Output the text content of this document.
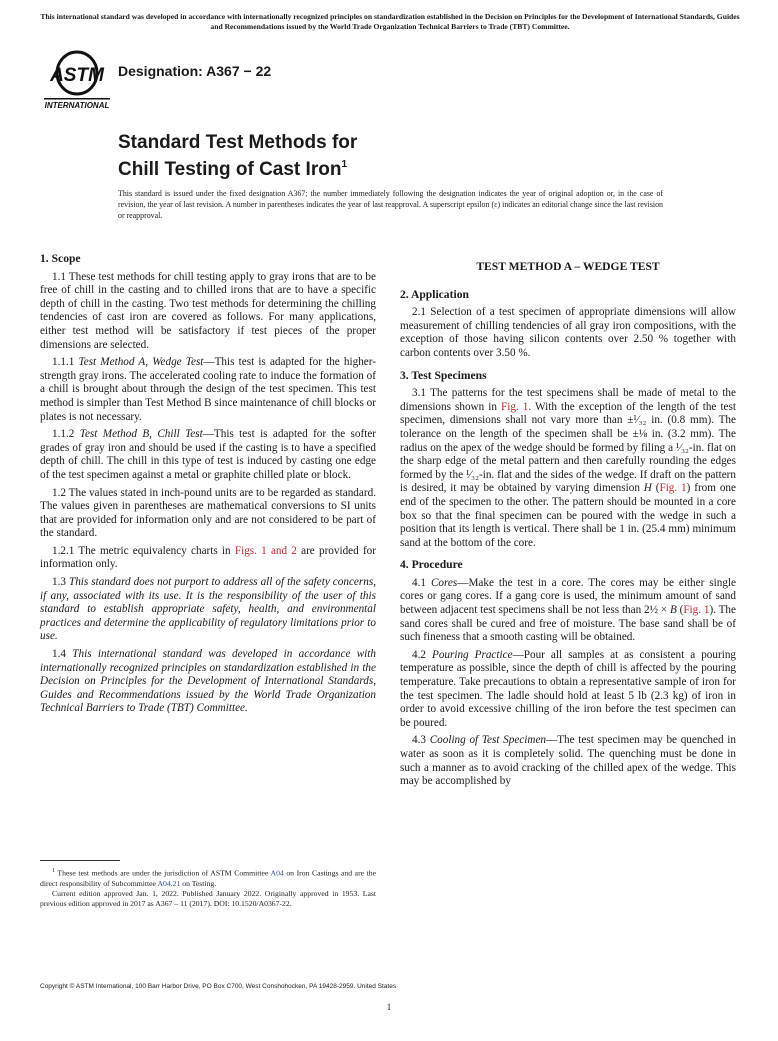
This international standard was developed in accordance with internationally recognized principles on standardization established in the Decision on Principles for the Development of International Standards, Guides and Recommendations issued by the World Trade Organization Technical Barriers to Trade (TBT) Committee.
ASTM
INTERNATIONAL
Designation: A367 − 22
Standard Test Methods for
Chill Testing of Cast Iron$^1$
This standard is issued under the fixed designation A367; the number immediately following the designation indicates the year of original adoption or, in the case of revision, the year of last revision. A number in parentheses indicates the year of last reapproval. A superscript epsilon (ε) indicates an editorial change since the last revision or reapproval.
1. Scope
1.1 These test methods for chill testing apply to gray irons that are to be free of chill in the casting and to chilled irons that are to have a specific depth of chill in the casting. Two test methods for determining the chilling tendencies of cast iron are covered as follows. For many applications, either test method will be satisfactory if test pieces of the proper dimensions are selected.
1.1.1 Test Method A, Wedge Test—This test is adapted for the higher-strength gray irons. The accelerated cooling rate to induce the formation of a chill is brought about through the design of the test specimen. This test method is simpler than Test Method B since maintenance of chill blocks or plates is not necessary.
1.1.2 Test Method B, Chill Test—This test is adapted for the softer grades of gray iron and should be used if the casting is to have a specified depth of chill. The chill in this type of test is induced by casting one edge of the test specimen against a metal or graphite chilled plate or block.
1.2 The values stated in inch-pound units are to be regarded as standard. The values given in parentheses are mathematical conversions to SI units that are provided for information only and are not considered to be part of the standard.
1.2.1 The metric equivalency charts in Figs. 1 and 2 are provided for information only.
1.3 This standard does not purport to address all of the safety concerns, if any, associated with its use. It is the responsibility of the user of this standard to establish appropriate safety, health, and environmental practices and determine the applicability of regulatory limitations prior to use.
1.4 This international standard was developed in accordance with internationally recognized principles on standardization established in the Decision on Principles for the Development of International Standards, Guides and Recommendations issued by the World Trade Organization Technical Barriers to Trade (TBT) Committee.
TEST METHOD A – WEDGE TEST
2. Application
2.1 Selection of a test specimen of appropriate dimensions will allow measurement of chilling tendencies of all gray iron compositions, with the exception of those having silicon contents over 2.50 % together with carbon contents over 3.50 %.
3. Test Specimens
3.1 The patterns for the test specimens shall be made of metal to the dimensions shown in Fig. 1. With the exception of the length of the test specimen, dimensions shall not vary more than ±¹⁄₃₂ in. (0.8 mm). The tolerance on the length of the specimen shall be ±⅛ in. (3.2 mm). The radius on the apex of the wedge should be formed by filing a ¹⁄₃₂-in. flat on the sharp edge of the metal pattern and then carefully rounding the edges formed by the ¹⁄₃₂-in. flat and the sides of the wedge. If draft on the pattern is desired, it may be obtained by varying dimension H (Fig. 1) from one end of the specimen to the other. The pattern should be mounted in a core box so that the final specimen can be poured with the wedge in such a position that its length is vertical. There shall be 1 in. (25.4 mm) minimum sand at the bottom of the core.
4. Procedure
4.1 Cores—Make the test in a core. The cores may be either single cores or gang cores. If a gang core is used, the minimum amount of sand between adjacent test specimens shall be not less than 2½ × B (Fig. 1). The sand cores shall be cured and free of moisture. The base sand shall be of such fineness that a smooth casting will be obtained.
4.2 Pouring Practice—Pour all samples at as consistent a pouring temperature as possible, since the depth of chill is affected by the pouring temperature. Take precautions to obtain a representative sample of iron for the test specimen. The ladle should hold at least 5 lb (2.3 kg) of iron in order to avoid excessive chilling of the iron before the test specimen can be poured.
4.3 Cooling of Test Specimen—The test specimen may be quenched in water as soon as it is completely solid. The quenching must be done in such a manner as to avoid cracking of the chilled apex of the wedge. This may be accomplished by
$^1$ These test methods are under the jurisdiction of ASTM Committee A04 on Iron Castings and are the direct responsibility of Subcommittee A04.21 on Testing.
Current edition approved Jan. 1, 2022. Published January 2022. Originally approved in 1953. Last previous edition approved in 2017 as A367 – 11 (2017). DOI: 10.1520/A0367-22.
Copyright © ASTM International, 100 Barr Harbor Drive, PO Box C700, West Conshohocken, PA 19428-2959. United States
1
